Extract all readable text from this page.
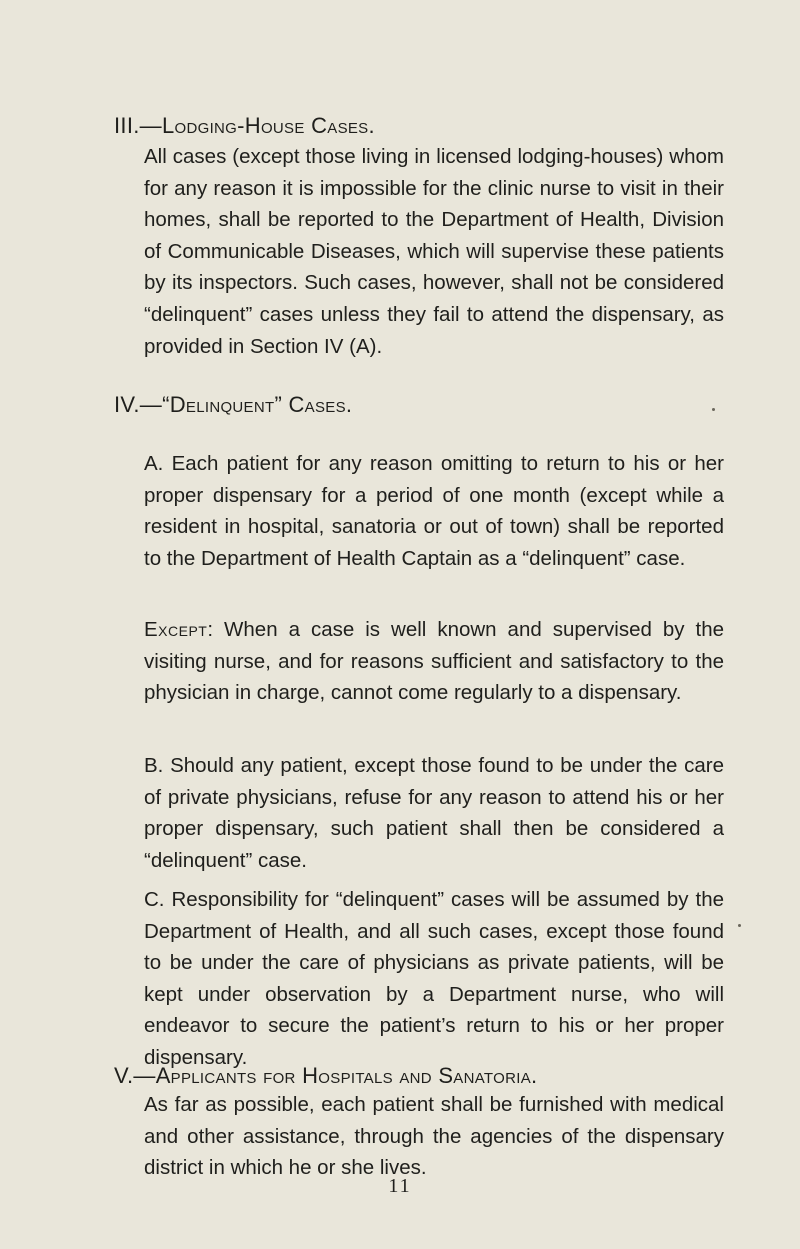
III.—Lodging-House Cases.

All cases (except those living in licensed lodging-houses) whom for any reason it is impossible for the clinic nurse to visit in their homes, shall be reported to the Department of Health, Division of Communicable Diseases, which will supervise these patients by its inspectors. Such cases, however, shall not be considered “delinquent” cases unless they fail to attend the dispensary, as provided in Section IV (A).

IV.—“Delinquent” Cases.

A. Each patient for any reason omitting to return to his or her proper dispensary for a period of one month (except while a resident in hospital, sanatoria or out of town) shall be reported to the Department of Health Captain as a “delinquent” case.

Except: When a case is well known and supervised by the visiting nurse, and for reasons sufficient and satisfactory to the physician in charge, cannot come regularly to a dispensary.

B. Should any patient, except those found to be under the care of private physicians, refuse for any reason to attend his or her proper dispensary, such patient shall then be considered a “delinquent” case.

C. Responsibility for “delinquent” cases will be assumed by the Department of Health, and all such cases, except those found to be under the care of physicians as private patients, will be kept under observation by a Department nurse, who will endeavor to secure the patient’s return to his or her proper dispensary.

V.—Applicants for Hospitals and Sanatoria.

As far as possible, each patient shall be furnished with medical and other assistance, through the agencies of the dispensary district in which he or she lives.

11
